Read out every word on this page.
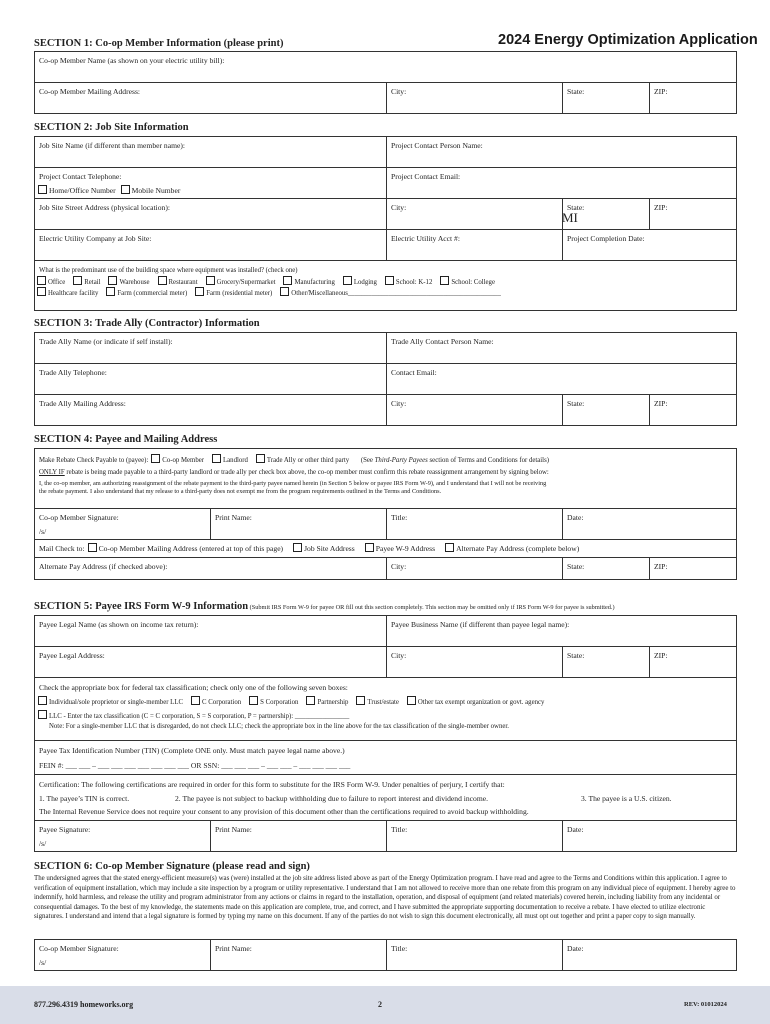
2024 Energy Optimization Application
SECTION 1: Co-op Member Information (please print)
Co-op Member Name (as shown on your electric utility bill):
Co-op Member Mailing Address:	City:	State:	ZIP:
SECTION 2: Job Site Information
Job Site Name (if different than member name):	Project Contact Person Name:		

Project Contact Telephone:
Home/Office Number Mobile Number	Project Contact Email:		
Job Site Street Address (physical location):	City:	State:	ZIP:
Electric Utility Company at Job Site:	Electric Utility Acct #:	Project Completion Date:	

What is the predominant use of the building space where equipment was installed? (check one)
Office Retail Warehouse Restaurant Grocery/Supermarket Manufacturing Lodging School: K-12 School: College
Healthcare facility Farm (commercial meter) Farm (residential meter) Other/Miscellaneous_____________________________________________			
MI
SECTION 3: Trade Ally (Contractor) Information
Trade Ally Name (or indicate if self install):	Trade Ally Contact Person Name:		
Trade Ally Telephone:	Contact Email:		
Trade Ally Mailing Address:	City:	State:	ZIP:
SECTION 4: Payee and Mailing Address
Make Rebate Check Payable to (payee): Co-op Member Landlord Trade Ally or other third party (See Third-Party Payees section of Terms and Conditions for details)
ONLY IF rebate is being made payable to a third-party landlord or trade ally per check box above, the co-op member must confirm this rebate reassignment arrangement by signing below:
I, the co-op member, am authorizing reassignment of the rebate payment to the third-party payee named herein (in Section 5 below or payee IRS Form W-9), and I understand that I will not be receiving
the rebate payment. I also understand that my release to a third-party does not exempt me from the program requirements outlined in the Terms and Conditions.				

Co-op Member Signature:
/s/	Print Name:	Title:	Date:	
Mail Check to: Co-op Member Mailing Address (entered at top of this page) Job Site Address Payee W-9 Address Alternate Pay Address (complete below)				
Alternate Pay Address (if checked above):		City:	State:	ZIP:
SECTION 5: Payee IRS Form W-9 Information (Submit IRS Form W-9 for payee OR fill out this section completely. This section may be omitted only if IRS Form W-9 for payee is submitted.)
Payee Legal Name (as shown on income tax return):		Payee Business Name (if different than payee legal name):		
Payee Legal Address:		City:	State:	ZIP:

Check the appropriate box for federal tax classification; check only one of the following seven boxes:
Individual/sole proprietor or single-member LLC C Corporation S Corporation Partnership Trust/estate Other tax exempt organization or govt. agency
LLC - Enter the tax classification (C = C corporation, S = S corporation, P = partnership): ________________
Note: For a single-member LLC that is disregarded, do not check LLC; check the appropriate box in the line above for the tax classification of the single-member owner.				

Payee Tax Identification Number (TIN) (Complete ONE only. Must match payee legal name above.)
FEIN #: ___ ___ – ___ ___ ___ ___ ___ ___ ___ OR SSN: ___ ___ ___ – ___ ___ – ___ ___ ___ ___				

Certification: The following certifications are required in order for this form to substitute for the IRS Form W-9. Under penalties of perjury, I certify that:
1. The payee’s TIN is correct. 2. The payee is not subject to backup withholding due to failure to report interest and dividend income. 3. The payee is a U.S. citizen.
The Internal Revenue Service does not require your consent to any provision of this document other than the certifications required to avoid backup withholding.				

Payee Signature:
/s/	Print Name:	Title:	Date:	
SECTION 6: Co-op Member Signature (please read and sign)
The undersigned agrees that the stated energy-efficient measure(s) was (were) installed at the job site address listed above as part of the Energy Optimization program. I have read and agree to the Terms and Conditions within this application. I agree to verification of equipment installation, which may include a site inspection by a program or utility representative. I understand that I am not allowed to receive more than one rebate from this program on any individual piece of equipment. I hereby agree to indemnify, hold harmless, and release the utility and program administrator from any actions or claims in regard to the installation, operation, and disposal of equipment (and related materials) covered herein, including liability from any incidental or consequential damages. To the best of my knowledge, the statements made on this application are complete, true, and correct, and I have submitted the appropriate supporting documentation to receive a rebate. I have elected to utilize electronic signatures. I understand and intend that a legal signature is formed by typing my name on this document. If any of the parties do not wish to sign this document electronically, all must opt out together and print a paper copy to sign manually.
Co-op Member Signature:
/s/
	Print Name:	Title:	Date:
877.296.4319 homeworks.org	2	REV: 01012024
